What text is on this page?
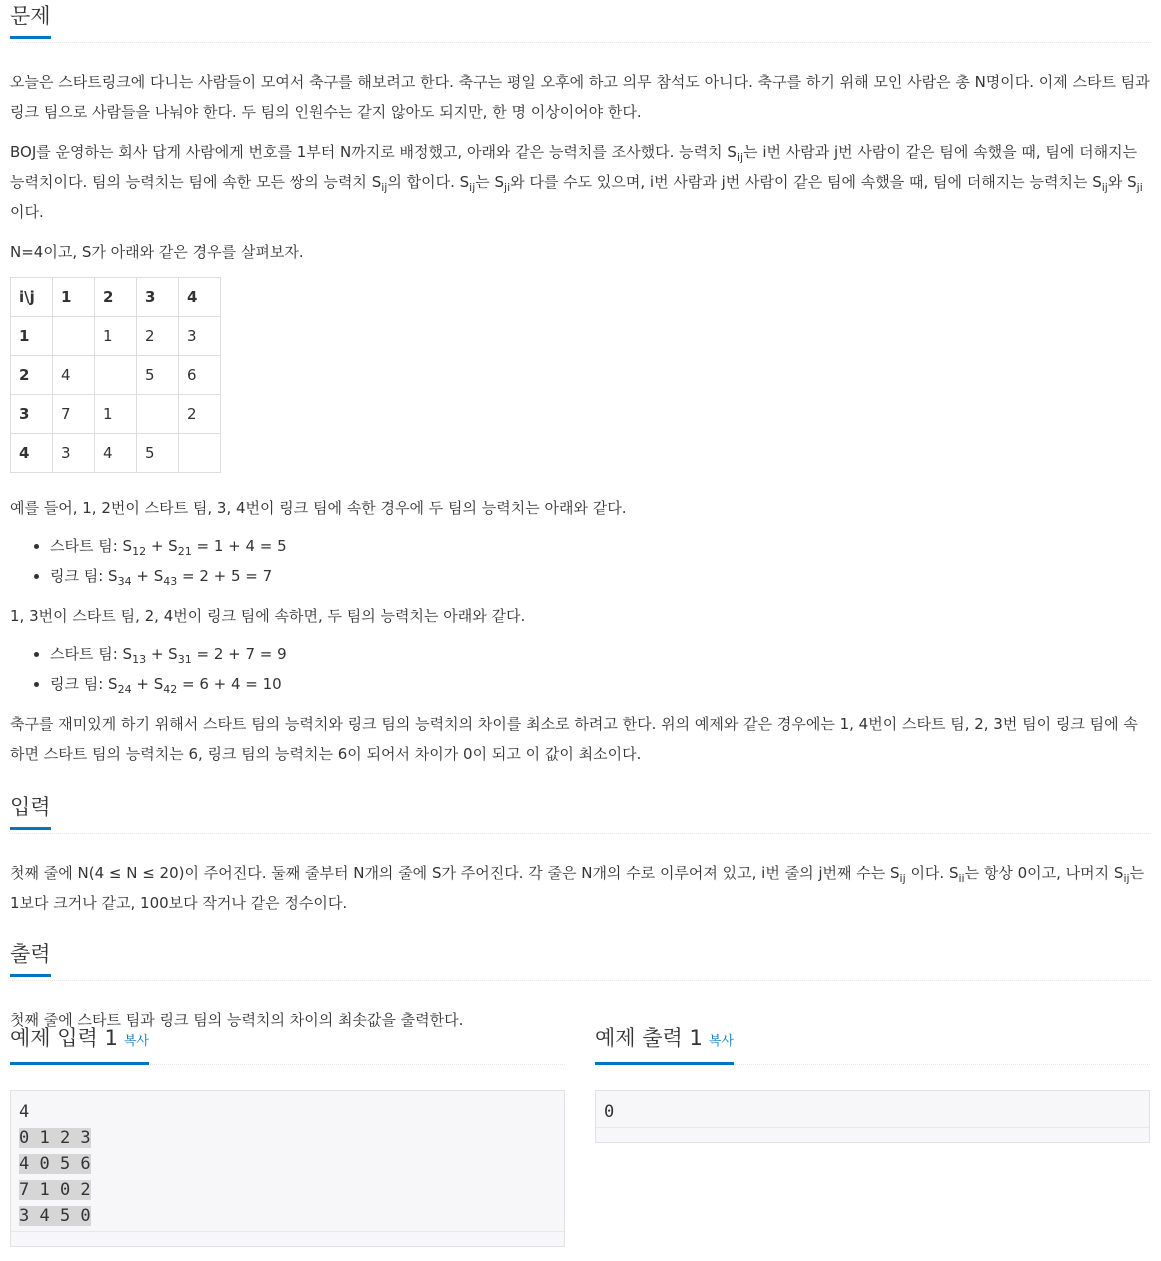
문제

오늘은 스타트링크에 다니는 사람들이 모여서 축구를 해보려고 한다. 축구는 평일 오후에 하고 의무 참석도 아니다. 축구를 하기 위해 모인 사람은 총 N명이다. 이제 스타트 팀과 링크 팀으로 사람들을 나눠야 한다. 두 팀의 인원수는 같지 않아도 되지만, 한 명 이상이어야 한다.

BOJ를 운영하는 회사 답게 사람에게 번호를 1부터 N까지로 배정했고, 아래와 같은 능력치를 조사했다. 능력치 $S_{ij}$는 i번 사람과 j번 사람이 같은 팀에 속했을 때, 팀에 더해지는 능력치이다. 팀의 능력치는 팀에 속한 모든 쌍의 능력치 $S_{ij}$의 합이다. $S_{ij}$는 $S_{ji}$와 다를 수도 있으며, i번 사람과 j번 사람이 같은 팀에 속했을 때, 팀에 더해지는 능력치는 $S_{ij}$와 $S_{ji}$이다.

N=4이고, S가 아래와 같은 경우를 살펴보자.

i\j	1	2	3	4
1		1	2	3
2	4		5	6
3	7	1		2
4	3	4	5	

예를 들어, 1, 2번이 스타트 팀, 3, 4번이 링크 팀에 속한 경우에 두 팀의 능력치는 아래와 같다.

• 스타트 팀: $S_{12} + S_{21} = 1 + 4 = 5$
• 링크 팀: $S_{34} + S_{43} = 2 + 5 = 7$

1, 3번이 스타트 팀, 2, 4번이 링크 팀에 속하면, 두 팀의 능력치는 아래와 같다.

• 스타트 팀: $S_{13} + S_{31} = 2 + 7 = 9$
• 링크 팀: $S_{24} + S_{42} = 6 + 4 = 10$

축구를 재미있게 하기 위해서 스타트 팀의 능력치와 링크 팀의 능력치의 차이를 최소로 하려고 한다. 위의 예제와 같은 경우에는 1, 4번이 스타트 팀, 2, 3번 팀이 링크 팀에 속하면 스타트 팀의 능력치는 6, 링크 팀의 능력치는 6이 되어서 차이가 0이 되고 이 값이 최소이다.

입력

첫째 줄에 N(4 ≤ N ≤ 20)이 주어진다. 둘째 줄부터 N개의 줄에 S가 주어진다. 각 줄은 N개의 수로 이루어져 있고, i번 줄의 j번째 수는 $S_{ij}$ 이다. $S_{ii}$는 항상 0이고, 나머지 $S_{ij}$는 1보다 크거나 같고, 100보다 작거나 같은 정수이다.

출력

첫째 줄에 스타트 팀과 링크 팀의 능력치의 차이의 최솟값을 출력한다.

예제 입력 1 복사
4
0 1 2 3
4 0 5 6
7 1 0 2
3 4 5 0
예제 출력 1 복사
0
